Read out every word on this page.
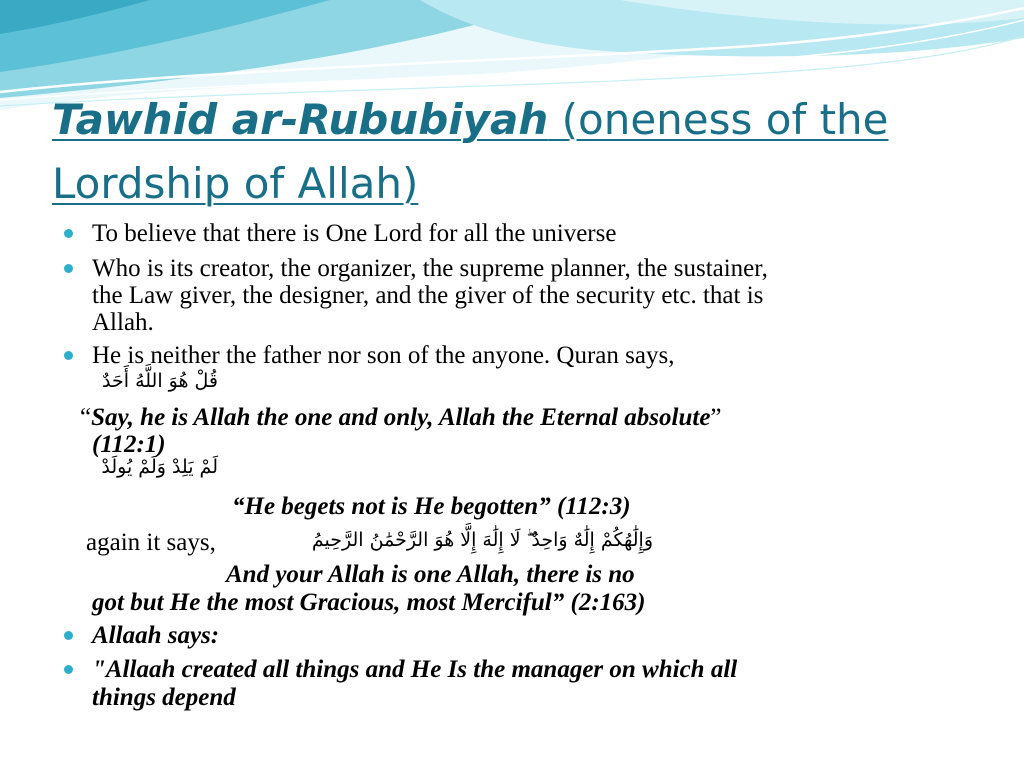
Tawhid ar-Rububiyah (oneness of the Lordship of Allah)
To believe that there is One Lord for all the universe
Who is its creator, the organizer, the supreme planner, the sustainer,
the Law giver, the designer, and the giver of the security etc. that is
Allah.
He is neither the father nor son of the anyone. Quran says,
قُلْ هُوَ اللَّهُ أَحَدٌ
“Say, he is Allah the one and only, Allah the Eternal absolute”
(112:1)
لَمْ يَلِدْ وَلَمْ يُولَدْ
“He begets not is He begotten” (112:3)
again it says,	وَإِلَٰهُكُمْ إِلَٰهٌ وَاحِدٌ ۖ لَا إِلَٰهَ إِلَّا هُوَ الرَّحْمَٰنُ الرَّحِيمُ
And your Allah is one Allah, there is no
got but He the most Gracious, most Merciful” (2:163)
Allaah says:
"Allaah created all things and He Is the manager on which all
things depend
